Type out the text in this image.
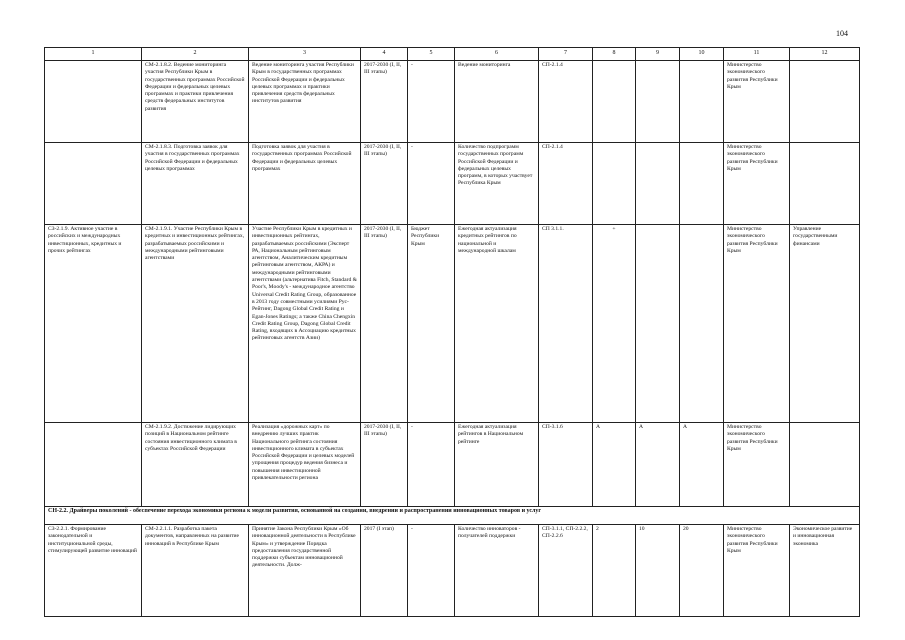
104
1	2	3	4	5	6	7	8	9	10	11	12
	СМ-2.1.8.2. Ведение мониторинга участия Республики Крым в государственных программах Российской Федерации и федеральных целевых программах и практики привлечения средств федеральных институтов развития	Ведение мониторинга участия Республики Крым в государственных программах Российской Федерации и федеральных целевых программах и практики привлечения средств федеральных институтов развития	2017-2030 (I, II, III этапы)	-	Ведение мониторинга	СП-2.1.4				Министерство экономического развития Республики Крым	
	СМ-2.1.8.3. Подготовка заявок для участия в государственных программах Российской Федерации и федеральных целевых программах	Подготовка заявок для участия в государственных программах Российской Федерации и федеральных целевых программах	2017-2030 (I, II, III этапы)	-	Количество подпрограмм государственных программ Российской Федерации и федеральных целевых программ, в которых участвует Республика Крым	СП-2.1.4				Министерство экономического развития Республики Крым	
СЗ-2.1.9. Активное участие в российских и международных инвестиционных, кредитных и прочих рейтингах	СМ-2.1.9.1. Участие Республики Крым в кредитных и инвестиционных рейтингах, разрабатываемых российскими и международными рейтинговыми агентствами	Участие Республики Крым в кредитных и инвестиционных рейтингах, разрабатываемых российскими (Эксперт РА, Национальным рейтинговым агентством, Аналитическим кредитным рейтинговым агентством, АКРА) и международными рейтинговыми агентствами (альтернатива Fitch, Standard & Poor's, Moody's - международное агентство Universal Credit Rating Group, образованное в 2013 году совместными усилиями Рус-Рейтинг, Dagong Global Credit Rating и Egan-Jones Ratings; а также China Chengxin Credit Rating Group, Dagong Global Credit Rating, входящих в Ассоциацию кредитных рейтинговых агентств Азии)	2017-2030 (I, II, III этапы)	Бюджет Республики Крым	Ежегодная актуализация кредитных рейтингов по национальной и международной шкалам	СП 3.1.1.	+			Министерство экономического развития Республики Крым	Управление государственными финансами
	СМ-2.1.9.2. Достижение лидирующих позиций в Национальном рейтинге состояния инвестиционного климата в субъектах Российской Федерации	Реализация «дорожных карт» по внедрению лучших практик Национального рейтинга состояния инвестиционного климата в субъектах Российской Федерации и целевых моделей упрощения процедур ведения бизнеса и повышения инвестиционной привлекательности региона	2017-2030 (I, II, III этапы)	-	Ежегодная актуализация рейтингов в Национальном рейтинге	СП-3.1.6	А	А	А	Министерство экономического развития Республики Крым	
СН-2.2. Драйверы поколений - обеспечение перехода экономики региона к модели развития, основанной на создании, внедрении и распространении инновационных товаров и услуг											
СЗ-2.2.1. Формирование законодательной и институциональной среды, стимулирующей развитие инноваций	СМ-2.2.1.1. Разработка пакета документов, направленных на развитие инноваций в Республике Крым	Принятие Закона Республики Крым «Об инновационной деятельности в Республике Крым» и утверждение Порядка предоставления государственной поддержки субъектам инновационной деятельности. Долж-	2017 (I этап)	-	Количество инноваторов - получателей поддержки	СП-3.1.1, СП-2.2.2, СП-2.2.6	2	10	20	Министерство экономического развития Республики Крым	Экономическое развитие и инновационная экономика
